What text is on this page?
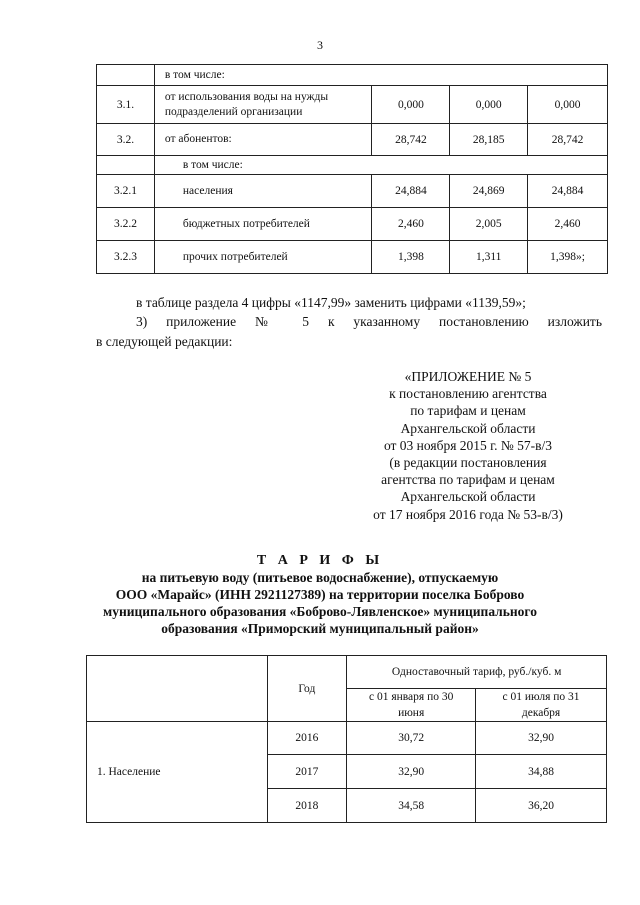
3
	в том числе:			
3.1.	от использования воды на нужды подразделений организации	0,000	0,000	0,000
3.2.	от абонентов:	28,742	28,185	28,742
	в том числе:			
3.2.1	населения	24,884	24,869	24,884
3.2.2	бюджетных потребителей	2,460	2,005	2,460
3.2.3	прочих потребителей	1,398	1,311	1,398»;
в таблице раздела 4 цифры «1147,99» заменить цифрами «1139,59»;
3) приложение № 5 к указанному постановлению изложить
в следующей редакции:
«ПРИЛОЖЕНИЕ № 5
к постановлению агентства
по тарифам и ценам
Архангельской области
от 03 ноября 2015 г. № 57-в/3
(в редакции постановления
агентства по тарифам и ценам
Архангельской области
от 17 ноября 2016 года № 53-в/3)
Т А Р И Ф Ы
на питьевую воду (питьевое водоснабжение), отпускаемую
ООО «Марайс» (ИНН 2921127389) на территории поселка Боброво
муниципального образования «Боброво-Лявленское» муниципального
образования «Приморский муниципальный район»
	Год	Одноставочный тариф, руб./куб. м	

		с 01 января по 30 июня	с 01 июля по 31 декабря

1. Население	2016	30,72	32,90
	2017	32,90	34,88
	2018	34,58	36,20
